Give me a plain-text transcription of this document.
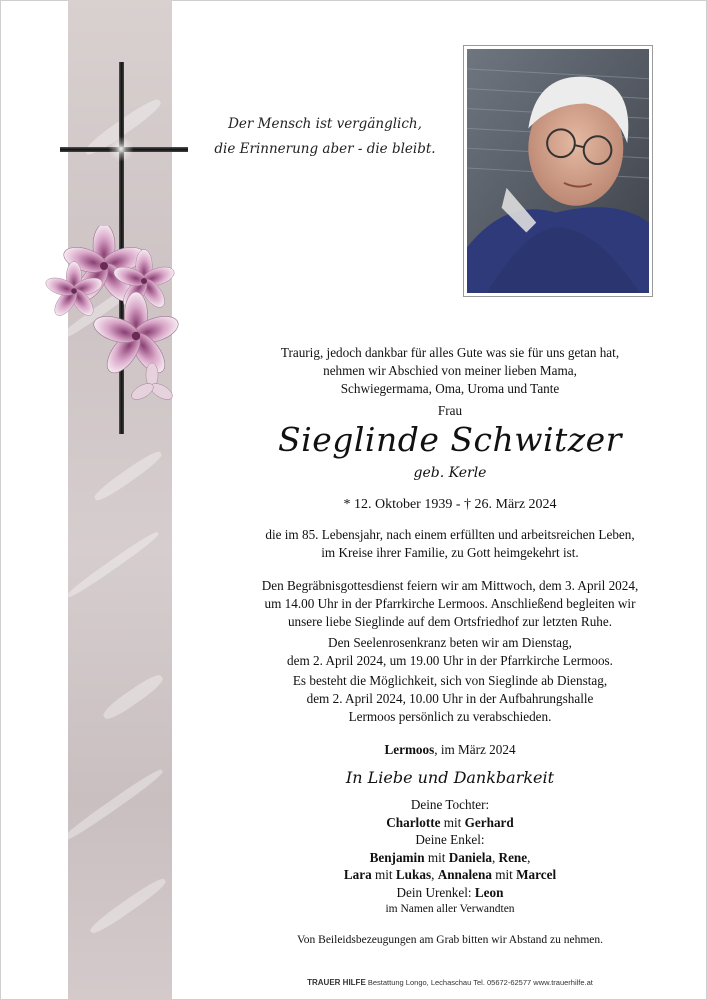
Der Mensch ist vergänglich,
die Erinnerung aber - die bleibt.

Traurig, jedoch dankbar für alles Gute was sie für uns getan hat,
nehmen wir Abschied von meiner lieben Mama,
Schwiegermama, Oma, Uroma und Tante

Frau

Sieglinde Schwitzer

geb. Kerle

* 12. Oktober 1939 - † 26. März 2024

die im 85. Lebensjahr, nach einem erfüllten und arbeitsreichen Leben,
im Kreise ihrer Familie, zu Gott heimgekehrt ist.

Den Begräbnisgottesdienst feiern wir am Mittwoch, dem 3. April 2024,
um 14.00 Uhr in der Pfarrkirche Lermoos. Anschließend begleiten wir
unsere liebe Sieglinde auf dem Ortsfriedhof zur letzten Ruhe.

Den Seelenrosenkranz beten wir am Dienstag,
dem 2. April 2024, um 19.00 Uhr in der Pfarrkirche Lermoos.

Es besteht die Möglichkeit, sich von Sieglinde ab Dienstag,
dem 2. April 2024, 10.00 Uhr in der Aufbahrungshalle
Lermoos persönlich zu verabschieden.

Lermoos, im März 2024

In Liebe und Dankbarkeit

Deine Tochter:

Charlotte mit Gerhard

Deine Enkel:

Benjamin mit Daniela, Rene,

Lara mit Lukas, Annalena mit Marcel

Dein Urenkel: Leon

im Namen aller Verwandten

Von Beileidsbezeugungen am Grab bitten wir Abstand zu nehmen.

TRAUER HILFE Bestattung Longo, Lechaschau Tel. 05672-62577 www.trauerhilfe.at
